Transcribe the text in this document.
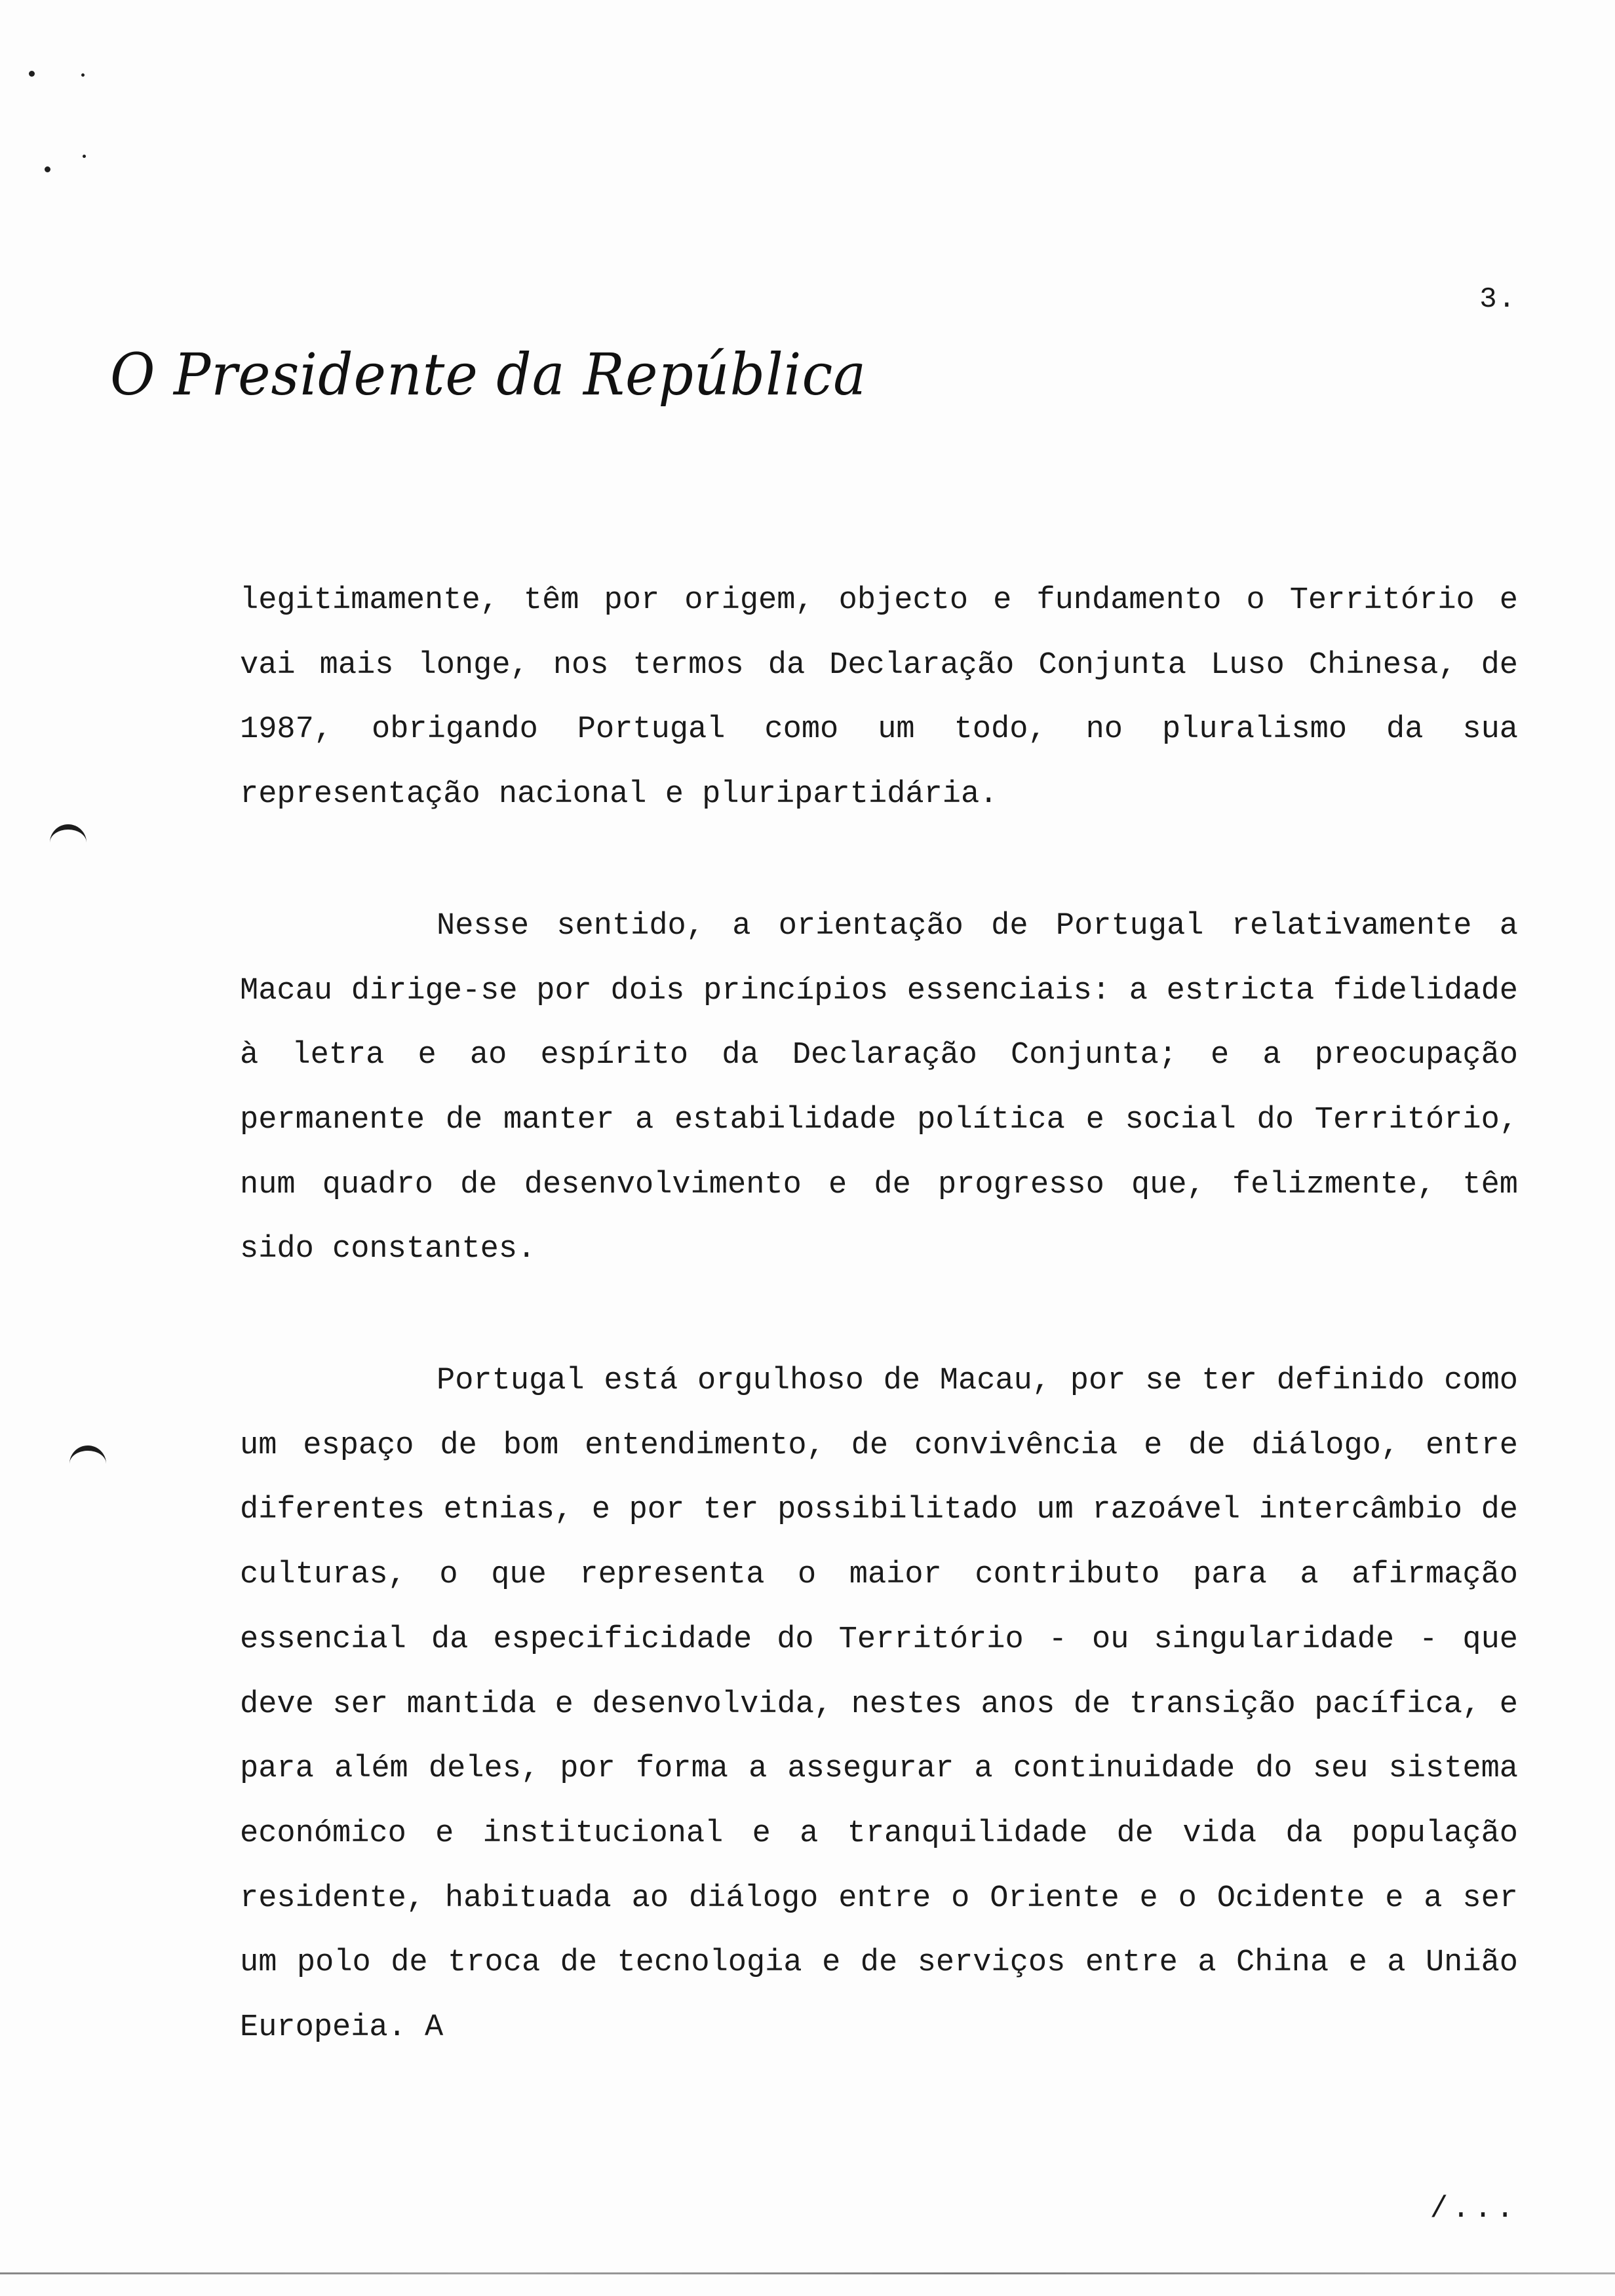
3.
O Presidente da República

legitimamente, têm por origem, objecto e fundamento o Território e vai mais longe, nos termos da Declaração Conjunta Luso Chinesa, de 1987, obrigando Portugal como um todo, no pluralismo da sua representação nacional e pluripartidária.

Nesse sentido, a orientação de Portugal relativamente a Macau dirige-se por dois princípios essenciais: a estricta fidelidade à letra e ao espírito da Declaração Conjunta; e a preocupação permanente de manter a estabilidade política e social do Território, num quadro de desenvolvimento e de progresso que, felizmente, têm sido constantes.

Portugal está orgulhoso de Macau, por se ter definido como um espaço de bom entendimento, de convivência e de diálogo, entre diferentes etnias, e por ter possibilitado um razoável intercâmbio de culturas, o que representa o maior contributo para a afirmação essencial da especificidade do Território - ou singularidade - que deve ser mantida e desenvolvida, nestes anos de transição pacífica, e para além deles, por forma a assegurar a continuidade do seu sistema económico e institucional e a tranquilidade de vida da população residente, habituada ao diálogo entre o Oriente e o Ocidente e a ser um polo de troca de tecnologia e de serviços entre a China e a União Europeia. A

/...
